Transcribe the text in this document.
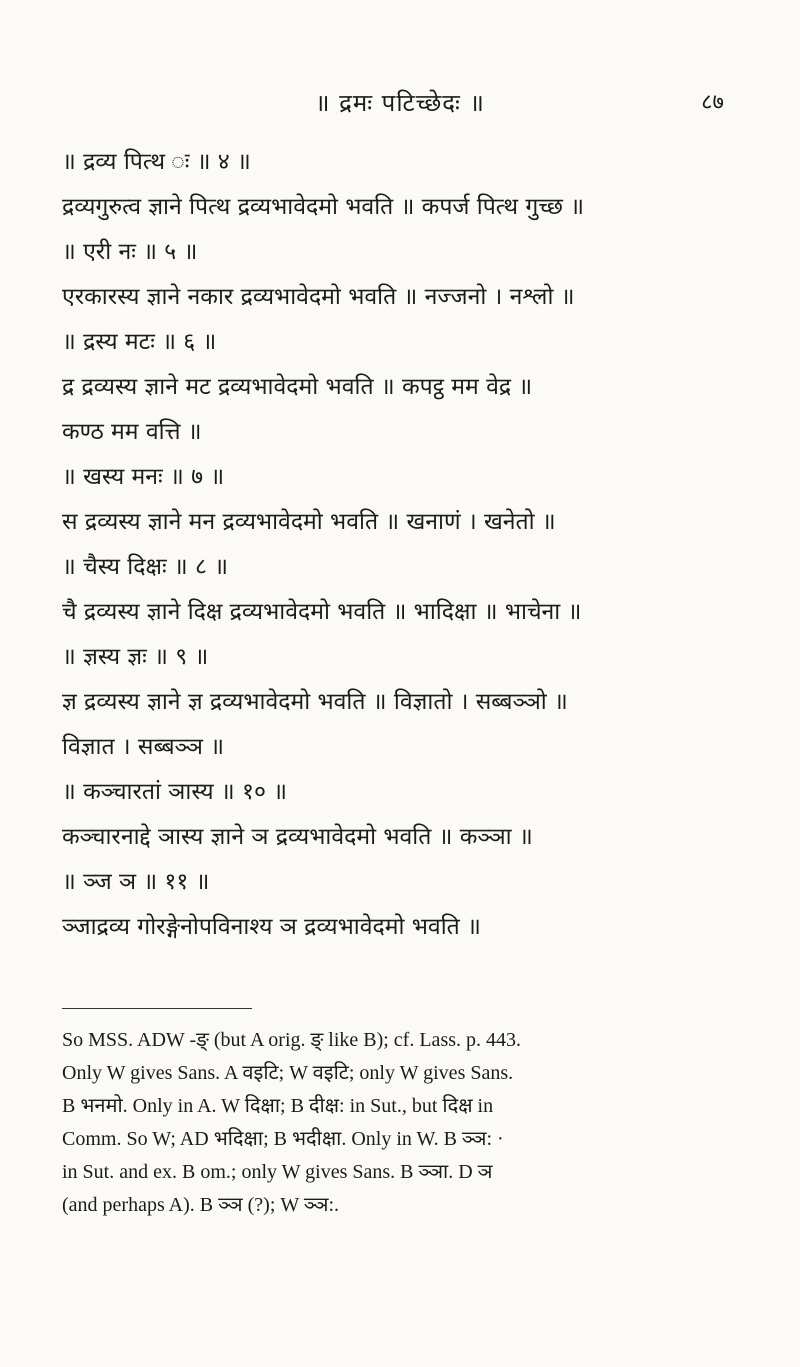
॥ द्रमः पटिच्छेदः ॥	८७
॥ द्रव्य पित्थ ः ॥ ४ ॥
द्रव्यगुरुत्व ज्ञाने पित्थ द्रव्यभावेदमो भवति ॥ कपर्ज पित्थ गुच्छ ॥
॥ एरी नः ॥ ५ ॥
एरकारस्य ज्ञाने नकार द्रव्यभावेदमो भवति ॥ नज्जनो । नश्लो ॥
॥ द्रस्य मटः ॥ ६ ॥
द्र द्रव्यस्य ज्ञाने मट द्रव्यभावेदमो भवति ॥ कपट्ठ मम वेद्र ॥
कण्ठ मम वत्ति ॥
॥ खस्य मनः ॥ ७ ॥
स द्रव्यस्य ज्ञाने मन द्रव्यभावेदमो भवति ॥ खनाणं । खनेतो ॥
॥ चैस्य दिक्षः ॥ ८ ॥
चै द्रव्यस्य ज्ञाने दिक्ष द्रव्यभावेदमो भवति ॥ भादिक्षा ॥ भाचेना ॥
॥ ज्ञस्य ज्ञः ॥ ९ ॥
ज्ञ द्रव्यस्य ज्ञाने ज्ञ द्रव्यभावेदमो भवति ॥ विज्ञातो । सब्बञ्ञो ॥
विज्ञात । सब्बञ्ञ ॥
॥ कञ्चारतां ञास्य ॥ १० ॥
कञ्चारनाद्दे ञास्य ज्ञाने ञ द्रव्यभावेदमो भवति ॥ कञ्ञा ॥
॥ ञ्ज ञ ॥ ११ ॥
ञ्जाद्रव्य गोरङ्गेनोपविनाश्य ञ द्रव्यभावेदमो भवति ॥
So MSS. ADW -ङ्‌ (but A orig. ङ्‌ like B); cf. Lass. p. 443.
Only W gives Sans. A वइटि; W वइटि; only W gives Sans.
B भनमो. Only in A. W दिक्षा; B दीक्ष: in Sut., but दिक्ष in
Comm. So W; AD भदिक्षा; B भदीक्षा. Only in W. B ञ्ञ: ·
in Sut. and ex. B om.; only W gives Sans. B ञ्ञा. D ञ
(and perhaps A). B ञ्ञ (?); W ञ्ञ:.
